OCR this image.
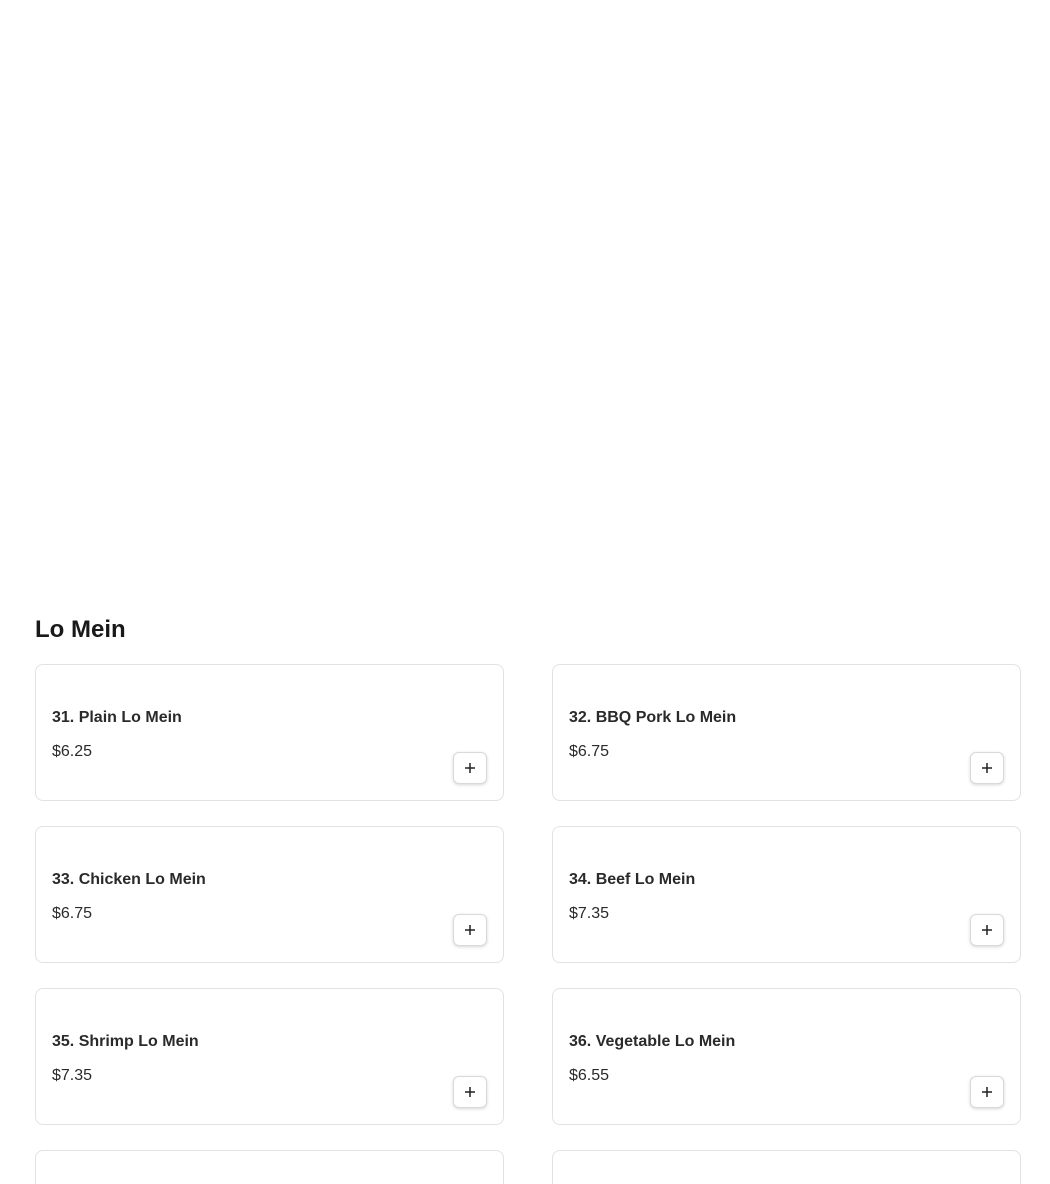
Lo Mein
31. Plain Lo Mein
$6.25
32. BBQ Pork Lo Mein
$6.75
33. Chicken Lo Mein
$6.75
34. Beef Lo Mein
$7.35
35. Shrimp Lo Mein
$7.35
36. Vegetable Lo Mein
$6.55
